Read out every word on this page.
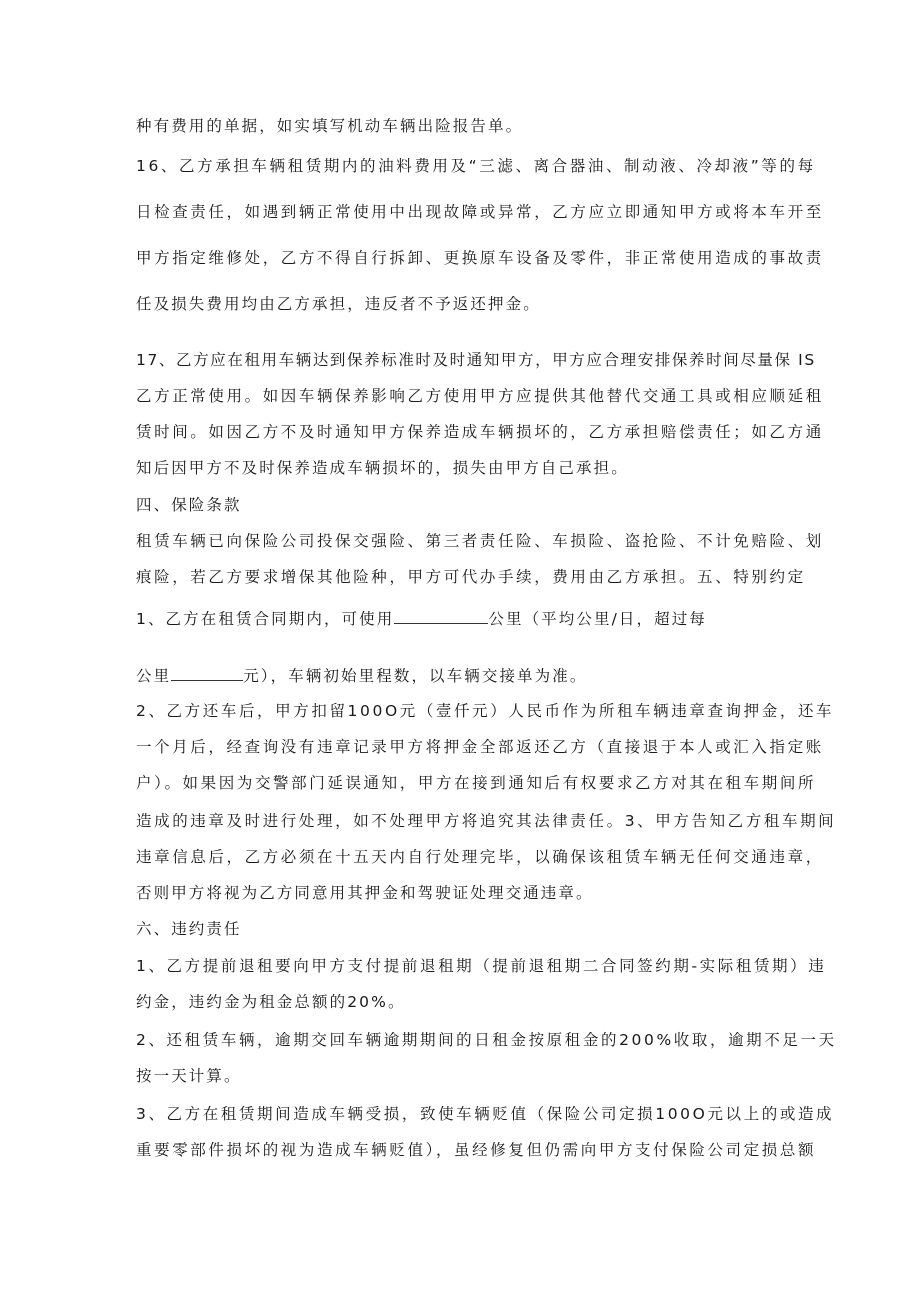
种有费用的单据，如实填写机动车辆出险报告单。
16、乙方承担车辆租赁期内的油料费用及“三滤、离合器油、制动液、冷却液”等的每
日检查责任，如遇到辆正常使用中出现故障或异常，乙方应立即通知甲方或将本车开至
甲方指定维修处，乙方不得自行拆卸、更换原车设备及零件，非正常使用造成的事故责
任及损失费用均由乙方承担，违反者不予返还押金。
17、乙方应在租用车辆达到保养标准时及时通知甲方，甲方应合理安排保养时间尽量保 IS
乙方正常使用。如因车辆保养影响乙方使用甲方应提供其他替代交通工具或相应顺延租
赁时间。如因乙方不及时通知甲方保养造成车辆损坏的，乙方承担赔偿责任；如乙方通
知后因甲方不及时保养造成车辆损坏的，损失由甲方自己承担。
四、保险条款
租赁车辆已向保险公司投保交强险、第三者责任险、车损险、盗抢险、不计免赔险、划
痕险，若乙方要求增保其他险种，甲方可代办手续，费用由乙方承担。五、特别约定
1、乙方在租赁合同期内，可使用	公里（平均公里/日，超过每
公里	元），车辆初始里程数，以车辆交接单为准。
2、乙方还车后，甲方扣留100O元（壹仟元）人民币作为所租车辆违章查询押金，还车
一个月后，经查询没有违章记录甲方将押金全部返还乙方（直接退于本人或汇入指定账
户）。如果因为交警部门延误通知，甲方在接到通知后有权要求乙方对其在租车期间所
造成的违章及时进行处理，如不处理甲方将追究其法律责任。3、甲方告知乙方租车期间
违章信息后，乙方必须在十五天内自行处理完毕，以确保该租赁车辆无任何交通违章，
否则甲方将视为乙方同意用其押金和驾驶证处理交通违章。
六、违约责任
1、乙方提前退租要向甲方支付提前退租期（提前退租期二合同签约期-实际租赁期）违
约金，违约金为租金总额的20%。
2、还租赁车辆，逾期交回车辆逾期期间的日租金按原租金的200%收取，逾期不足一天
按一天计算。
3、乙方在租赁期间造成车辆受损，致使车辆贬值（保险公司定损100O元以上的或造成
重要零部件损坏的视为造成车辆贬值），虽经修复但仍需向甲方支付保险公司定损总额
